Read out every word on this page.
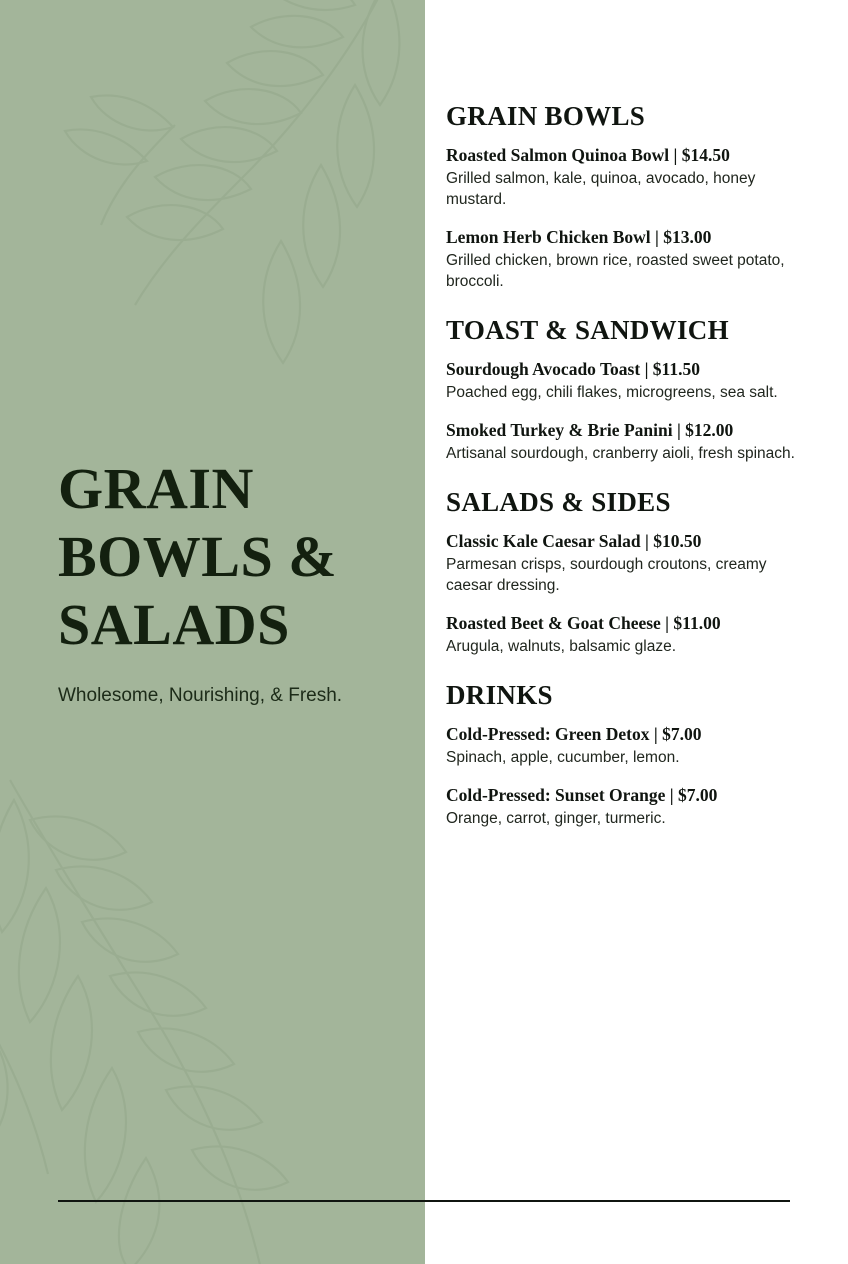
GRAIN BOWLS & SALADS

Wholesome, Nourishing, & Fresh.

GRAIN BOWLS

Roasted Salmon Quinoa Bowl | $14.50

Grilled salmon, kale, quinoa, avocado, honey mustard.

Lemon Herb Chicken Bowl | $13.00

Grilled chicken, brown rice, roasted sweet potato, broccoli.

TOAST & SANDWICH

Sourdough Avocado Toast | $11.50

Poached egg, chili flakes, microgreens, sea salt.

Smoked Turkey & Brie Panini | $12.00

Artisanal sourdough, cranberry aioli, fresh spinach.

SALADS & SIDES

Classic Kale Caesar Salad | $10.50

Parmesan crisps, sourdough croutons, creamy caesar dressing.

Roasted Beet & Goat Cheese | $11.00

Arugula, walnuts, balsamic glaze.

DRINKS

Cold-Pressed: Green Detox | $7.00

Spinach, apple, cucumber, lemon.

Cold-Pressed: Sunset Orange | $7.00

Orange, carrot, ginger, turmeric.
